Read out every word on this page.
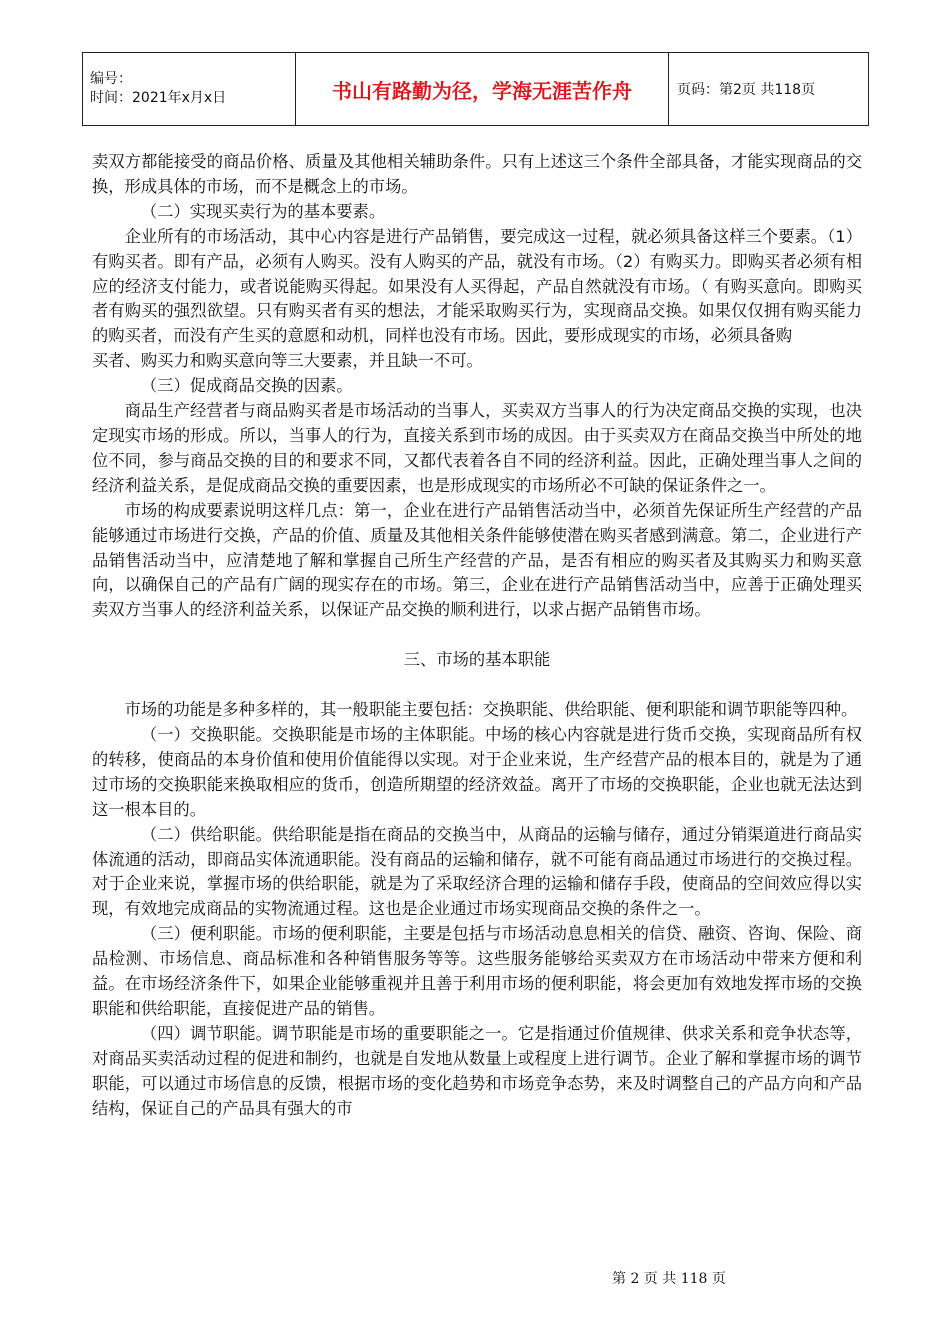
编号：
时间：2021年x月x日	书山有路勤为径，学海无涯苦作舟	页码：第2页 共118页

卖双方都能接受的商品价格、质量及其他相关辅助条件。只有上述这三个条件全部具备，才能实现商品的交换，形成具体的市场，而不是概念上的市场。

（二）实现买卖行为的基本要素。

企业所有的市场活动，其中心内容是进行产品销售，要完成这一过程，就必须具备这样三个要素。（1）有购买者。即有产品，必须有人购买。没有人购买的产品，就没有市场。（2）有购买力。即购买者必须有相应的经济支付能力，或者说能购买得起。如果没有人买得起，产品自然就没有市场。（ 有购买意向。即购买者有购买的强烈欲望。只有购买者有买的想法，才能采取购买行为，实现商品交换。如果仅仅拥有购买能力的购买者，而没有产生买的意愿和动机，同样也没有市场。因此，要形成现实的市场，必须具备购

买者、购买力和购买意向等三大要素，并且缺一不可。

（三）促成商品交换的因素。

商品生产经营者与商品购买者是市场活动的当事人，买卖双方当事人的行为决定商品交换的实现，也决定现实市场的形成。所以，当事人的行为，直接关系到市场的成因。由于买卖双方在商品交换当中所处的地位不同，参与商品交换的目的和要求不同，又都代表着各自不同的经济利益。因此，正确处理当事人之间的经济利益关系，是促成商品交换的重要因素，也是形成现实的市场所必不可缺的保证条件之一。

市场的构成要素说明这样几点：第一，企业在进行产品销售活动当中，必须首先保证所生产经营的产品能够通过市场进行交换，产品的价值、质量及其他相关条件能够使潜在购买者感到满意。第二，企业进行产品销售活动当中，应清楚地了解和掌握自己所生产经营的产品，是否有相应的购买者及其购买力和购买意向，以确保自己的产品有广阔的现实存在的市场。第三，企业在进行产品销售活动当中，应善于正确处理买卖双方当事人的经济利益关系，以保证产品交换的顺利进行，以求占据产品销售市场。

三、市场的基本职能

市场的功能是多种多样的，其一般职能主要包括：交换职能、供给职能、便利职能和调节职能等四种。

（一）交换职能。交换职能是市场的主体职能。中场的核心内容就是进行货币交换，实现商品所有权的转移，使商品的本身价值和使用价值能得以实现。对于企业来说，生产经营产品的根本目的，就是为了通过市场的交换职能来换取相应的货币，创造所期望的经济效益。离开了市场的交换职能，企业也就无法达到这一根本目的。

（二）供给职能。供给职能是指在商品的交换当中，从商品的运输与储存，通过分销渠道进行商品实体流通的活动，即商品实体流通职能。没有商品的运输和储存，就不可能有商品通过市场进行的交换过程。对于企业来说，掌握市场的供给职能，就是为了采取经济合理的运输和储存手段，使商品的空间效应得以实现，有效地完成商品的实物流通过程。这也是企业通过市场实现商品交换的条件之一。

（三）便利职能。市场的便利职能，主要是包括与市场活动息息相关的信贷、融资、咨询、保险、商品检测、市场信息、商品标准和各种销售服务等等。这些服务能够给买卖双方在市场活动中带来方便和利益。在市场经济条件下，如果企业能够重视并且善于利用市场的便利职能，将会更加有效地发挥市场的交换职能和供给职能，直接促进产品的销售。

（四）调节职能。调节职能是市场的重要职能之一。它是指通过价值规律、供求关系和竞争状态等，对商品买卖活动过程的促进和制约，也就是自发地从数量上或程度上进行调节。企业了解和掌握市场的调节职能，可以通过市场信息的反馈，根据市场的变化趋势和市场竞争态势，来及时调整自己的产品方向和产品结构，保证自己的产品具有强大的市

第 2 页 共 118 页
